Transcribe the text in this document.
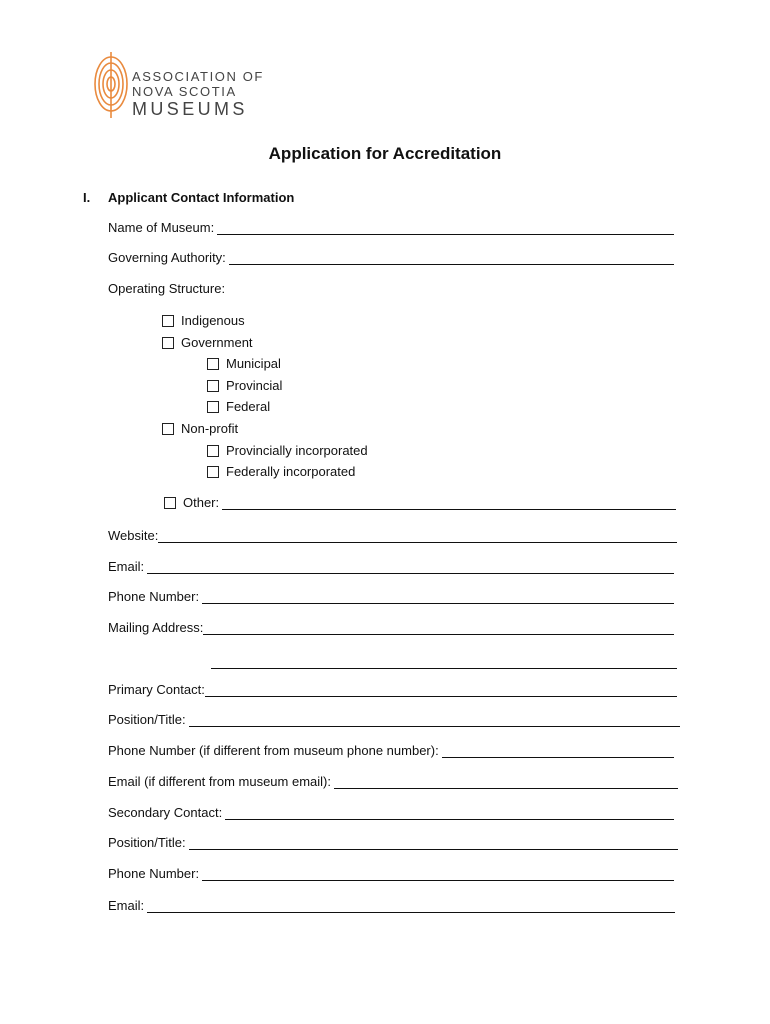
ASSOCIATION OF
NOVA SCOTIA
MUSEUMS
Application for Accreditation
I. Applicant Contact Information
Name of Museum:
Governing Authority:
Operating Structure:
Indigenous
Government
Municipal
Provincial
Federal
Non-profit
Provincially incorporated
Federally incorporated
Other:
Website:
Email:
Phone Number:
Mailing Address:
Primary Contact:
Position/Title:
Phone Number (if different from museum phone number):
Email (if different from museum email):
Secondary Contact:
Position/Title:
Phone Number:
Email:
